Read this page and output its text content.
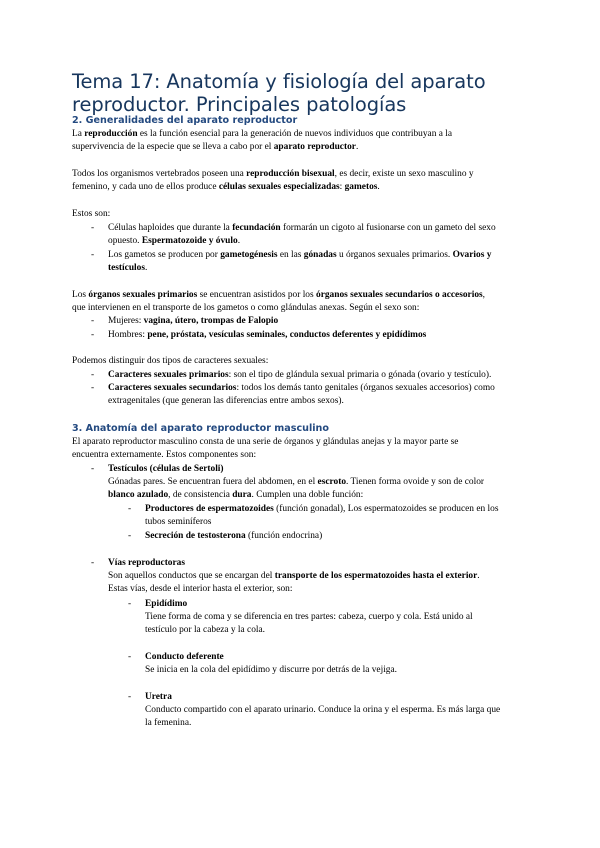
Tema 17: Anatomía y fisiología del aparato
reproductor. Principales patologías
2. Generalidades del aparato reproductor
La reproducción es la función esencial para la generación de nuevos individuos que contribuyan a la
supervivencia de la especie que se lleva a cabo por el aparato reproductor.
Todos los organismos vertebrados poseen una reproducción bisexual, es decir, existe un sexo masculino y
femenino, y cada uno de ellos produce células sexuales especializadas: gametos.
Estos son:
- Células haploides que durante la fecundación formarán un cigoto al fusionarse con un gameto del sexo
opuesto. Espermatozoide y óvulo.
- Los gametos se producen por gametogénesis en las gónadas u órganos sexuales primarios. Ovarios y
testículos.
Los órganos sexuales primarios se encuentran asistidos por los órganos sexuales secundarios o accesorios,
que intervienen en el transporte de los gametos o como glándulas anexas. Según el sexo son:
- Mujeres: vagina, útero, trompas de Falopio
- Hombres: pene, próstata, vesículas seminales, conductos deferentes y epidídimos
Podemos distinguir dos tipos de caracteres sexuales:
- Caracteres sexuales primarios: son el tipo de glándula sexual primaria o gónada (ovario y testículo).
- Caracteres sexuales secundarios: todos los demás tanto genitales (órganos sexuales accesorios) como
extragenitales (que generan las diferencias entre ambos sexos).
3. Anatomía del aparato reproductor masculino
El aparato reproductor masculino consta de una serie de órganos y glándulas anejas y la mayor parte se
encuentra externamente. Estos componentes son:
- Testículos (células de Sertoli)
Gónadas pares. Se encuentran fuera del abdomen, en el escroto. Tienen forma ovoide y son de color
blanco azulado, de consistencia dura. Cumplen una doble función:
- Productores de espermatozoides (función gonadal), Los espermatozoides se producen en los
tubos seminíferos
- Secreción de testosterona (función endocrina)
- Vías reproductoras
Son aquellos conductos que se encargan del transporte de los espermatozoides hasta el exterior.
Estas vías, desde el interior hasta el exterior, son:
- Epidídimo
Tiene forma de coma y se diferencia en tres partes: cabeza, cuerpo y cola. Está unido al
testículo por la cabeza y la cola.
- Conducto deferente
Se inicia en la cola del epidídimo y discurre por detrás de la vejiga.
- Uretra
Conducto compartido con el aparato urinario. Conduce la orina y el esperma. Es más larga que
la femenina.
